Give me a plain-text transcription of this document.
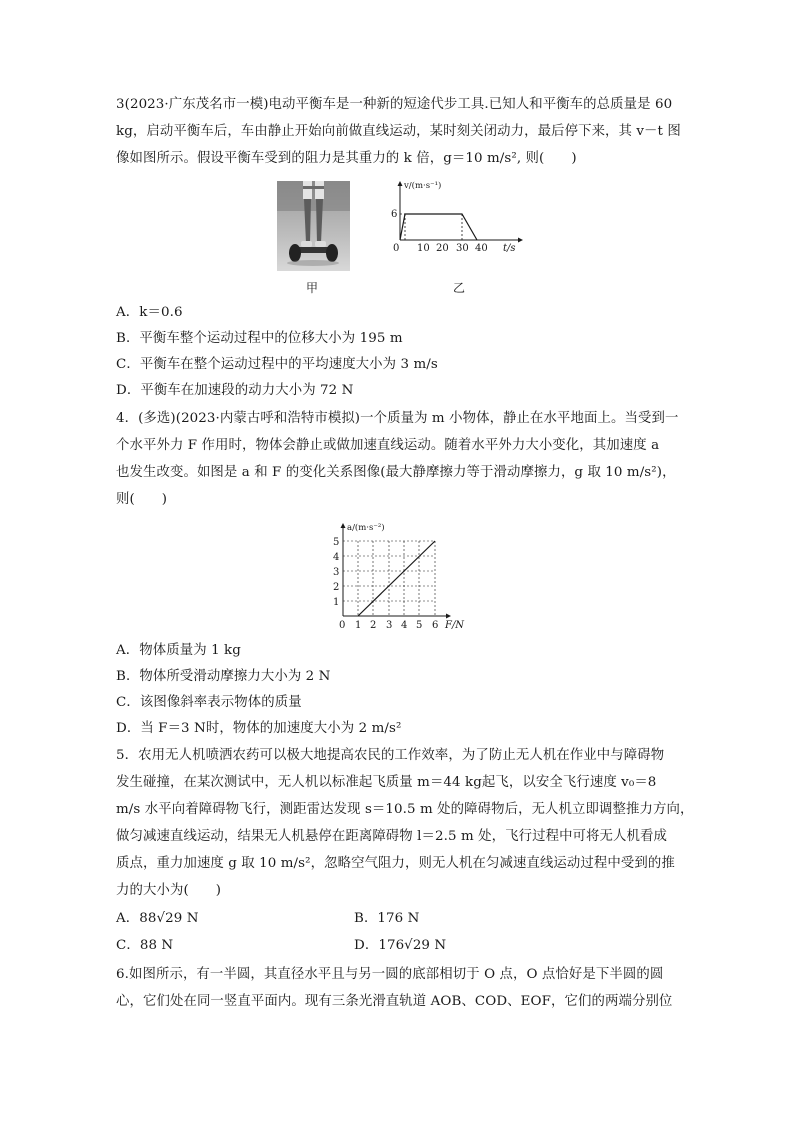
3(2023·广东茂名市一模)电动平衡车是一种新的短途代步工具.已知人和平衡车的总质量是 60
kg，启动平衡车后，车由静止开始向前做直线运动，某时刻关闭动力，最后停下来，其 v－t 图
像如图所示。假设平衡车受到的阻力是其重力的 k 倍，g＝10 m/s², 则(　　)
甲
v/(m·s⁻¹)
6
0 10 20 30 40 t/s
乙
A．k＝0.6
B．平衡车整个运动过程中的位移大小为 195 m
C．平衡车在整个运动过程中的平均速度大小为 3 m/s
D．平衡车在加速段的动力大小为 72 N
4．(多选)(2023·内蒙古呼和浩特市模拟)一个质量为 m 小物体，静止在水平地面上。当受到一
个水平外力 F 作用时，物体会静止或做加速直线运动。随着水平外力大小变化，其加速度 a
也发生改变。如图是 a 和 F 的变化关系图像(最大静摩擦力等于滑动摩擦力，g 取 10 m/s²)，
则(　　)
a/(m·s⁻²)
5
4
3
2
1
0 1 2 3 4 5 6 F/N
A．物体质量为 1 kg
B．物体所受滑动摩擦力大小为 2 N
C．该图像斜率表示物体的质量
D．当 F＝3 N时，物体的加速度大小为 2 m/s²
5．农用无人机喷洒农药可以极大地提高农民的工作效率，为了防止无人机在作业中与障碍物
发生碰撞，在某次测试中，无人机以标准起飞质量 m＝44 kg起飞，以安全飞行速度 v₀＝8
m/s 水平向着障碍物飞行，测距雷达发现 s＝10.5 m 处的障碍物后，无人机立即调整推力方向，
做匀减速直线运动，结果无人机悬停在距离障碍物 l＝2.5 m 处，飞行过程中可将无人机看成
质点，重力加速度 g 取 10 m/s²，忽略空气阻力，则无人机在匀减速直线运动过程中受到的推
力的大小为(　　)
A．88√29 N	B．176 N
C．88 N	D．176√29 N
6.如图所示，有一半圆，其直径水平且与另一圆的底部相切于 O 点，O 点恰好是下半圆的圆
心，它们处在同一竖直平面内。现有三条光滑直轨道 AOB、COD、EOF，它们的两端分别位
